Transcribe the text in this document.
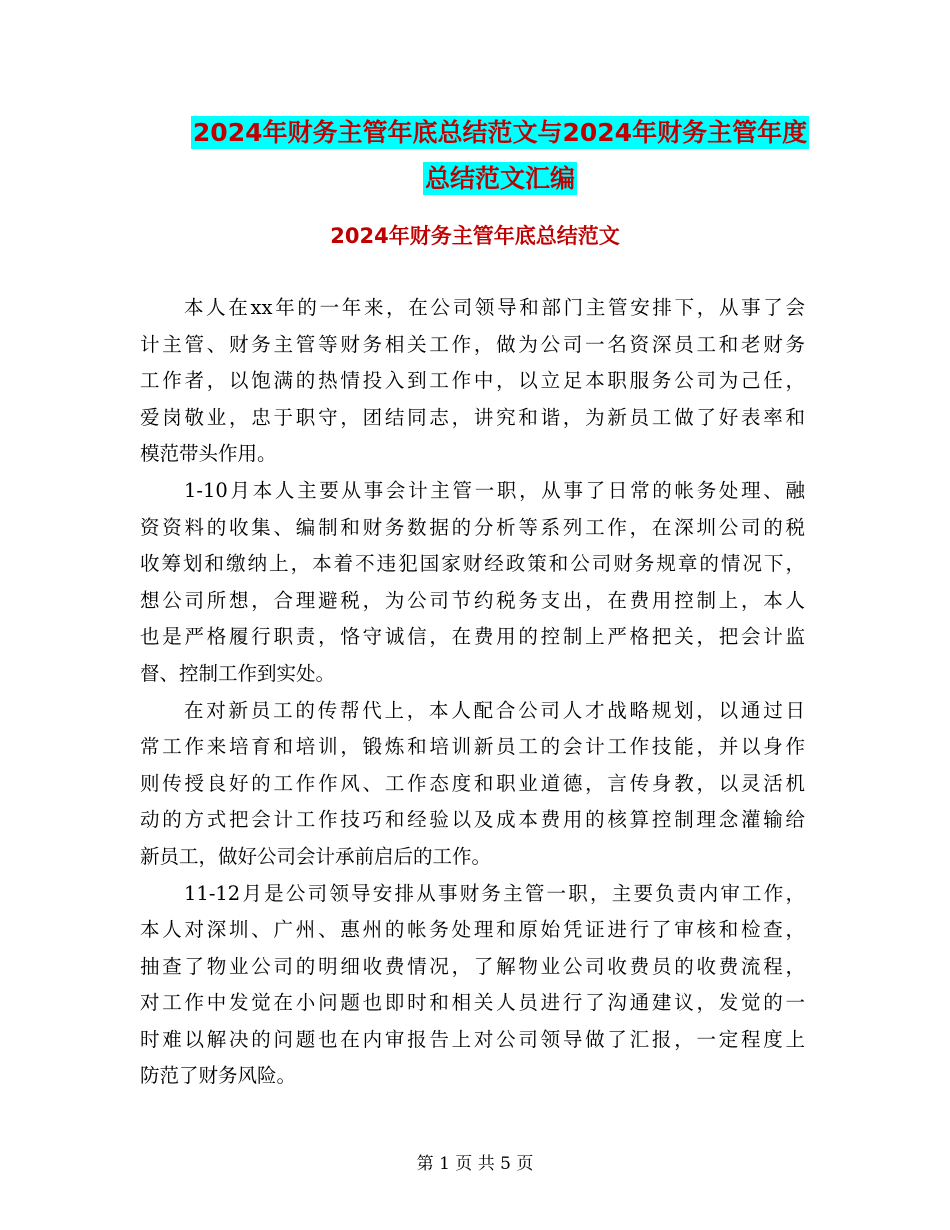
2024年财务主管年底总结范文与2024年财务主管年度
总结范文汇编
2024年财务主管年底总结范文

本人在xx年的一年来，在公司领导和部门主管安排下，从事了会
计主管、财务主管等财务相关工作，做为公司一名资深员工和老财务
工作者，以饱满的热情投入到工作中，以立足本职服务公司为己任，
爱岗敬业，忠于职守，团结同志，讲究和谐，为新员工做了好表率和
模范带头作用。

1-10月本人主要从事会计主管一职，从事了日常的帐务处理、融
资资料的收集、编制和财务数据的分析等系列工作，在深圳公司的税
收筹划和缴纳上，本着不违犯国家财经政策和公司财务规章的情况下，
想公司所想，合理避税，为公司节约税务支出，在费用控制上，本人
也是严格履行职责，恪守诚信，在费用的控制上严格把关，把会计监
督、控制工作到实处。

在对新员工的传帮代上，本人配合公司人才战略规划，以通过日
常工作来培育和培训，锻炼和培训新员工的会计工作技能，并以身作
则传授良好的工作作风、工作态度和职业道德，言传身教，以灵活机
动的方式把会计工作技巧和经验以及成本费用的核算控制理念灌输给
新员工，做好公司会计承前启后的工作。

11-12月是公司领导安排从事财务主管一职，主要负责内审工作，
本人对深圳、广州、惠州的帐务处理和原始凭证进行了审核和检查，
抽查了物业公司的明细收费情况，了解物业公司收费员的收费流程，
对工作中发觉在小问题也即时和相关人员进行了沟通建议，发觉的一
时难以解决的问题也在内审报告上对公司领导做了汇报，一定程度上
防范了财务风险。

第 1 页 共 5 页
